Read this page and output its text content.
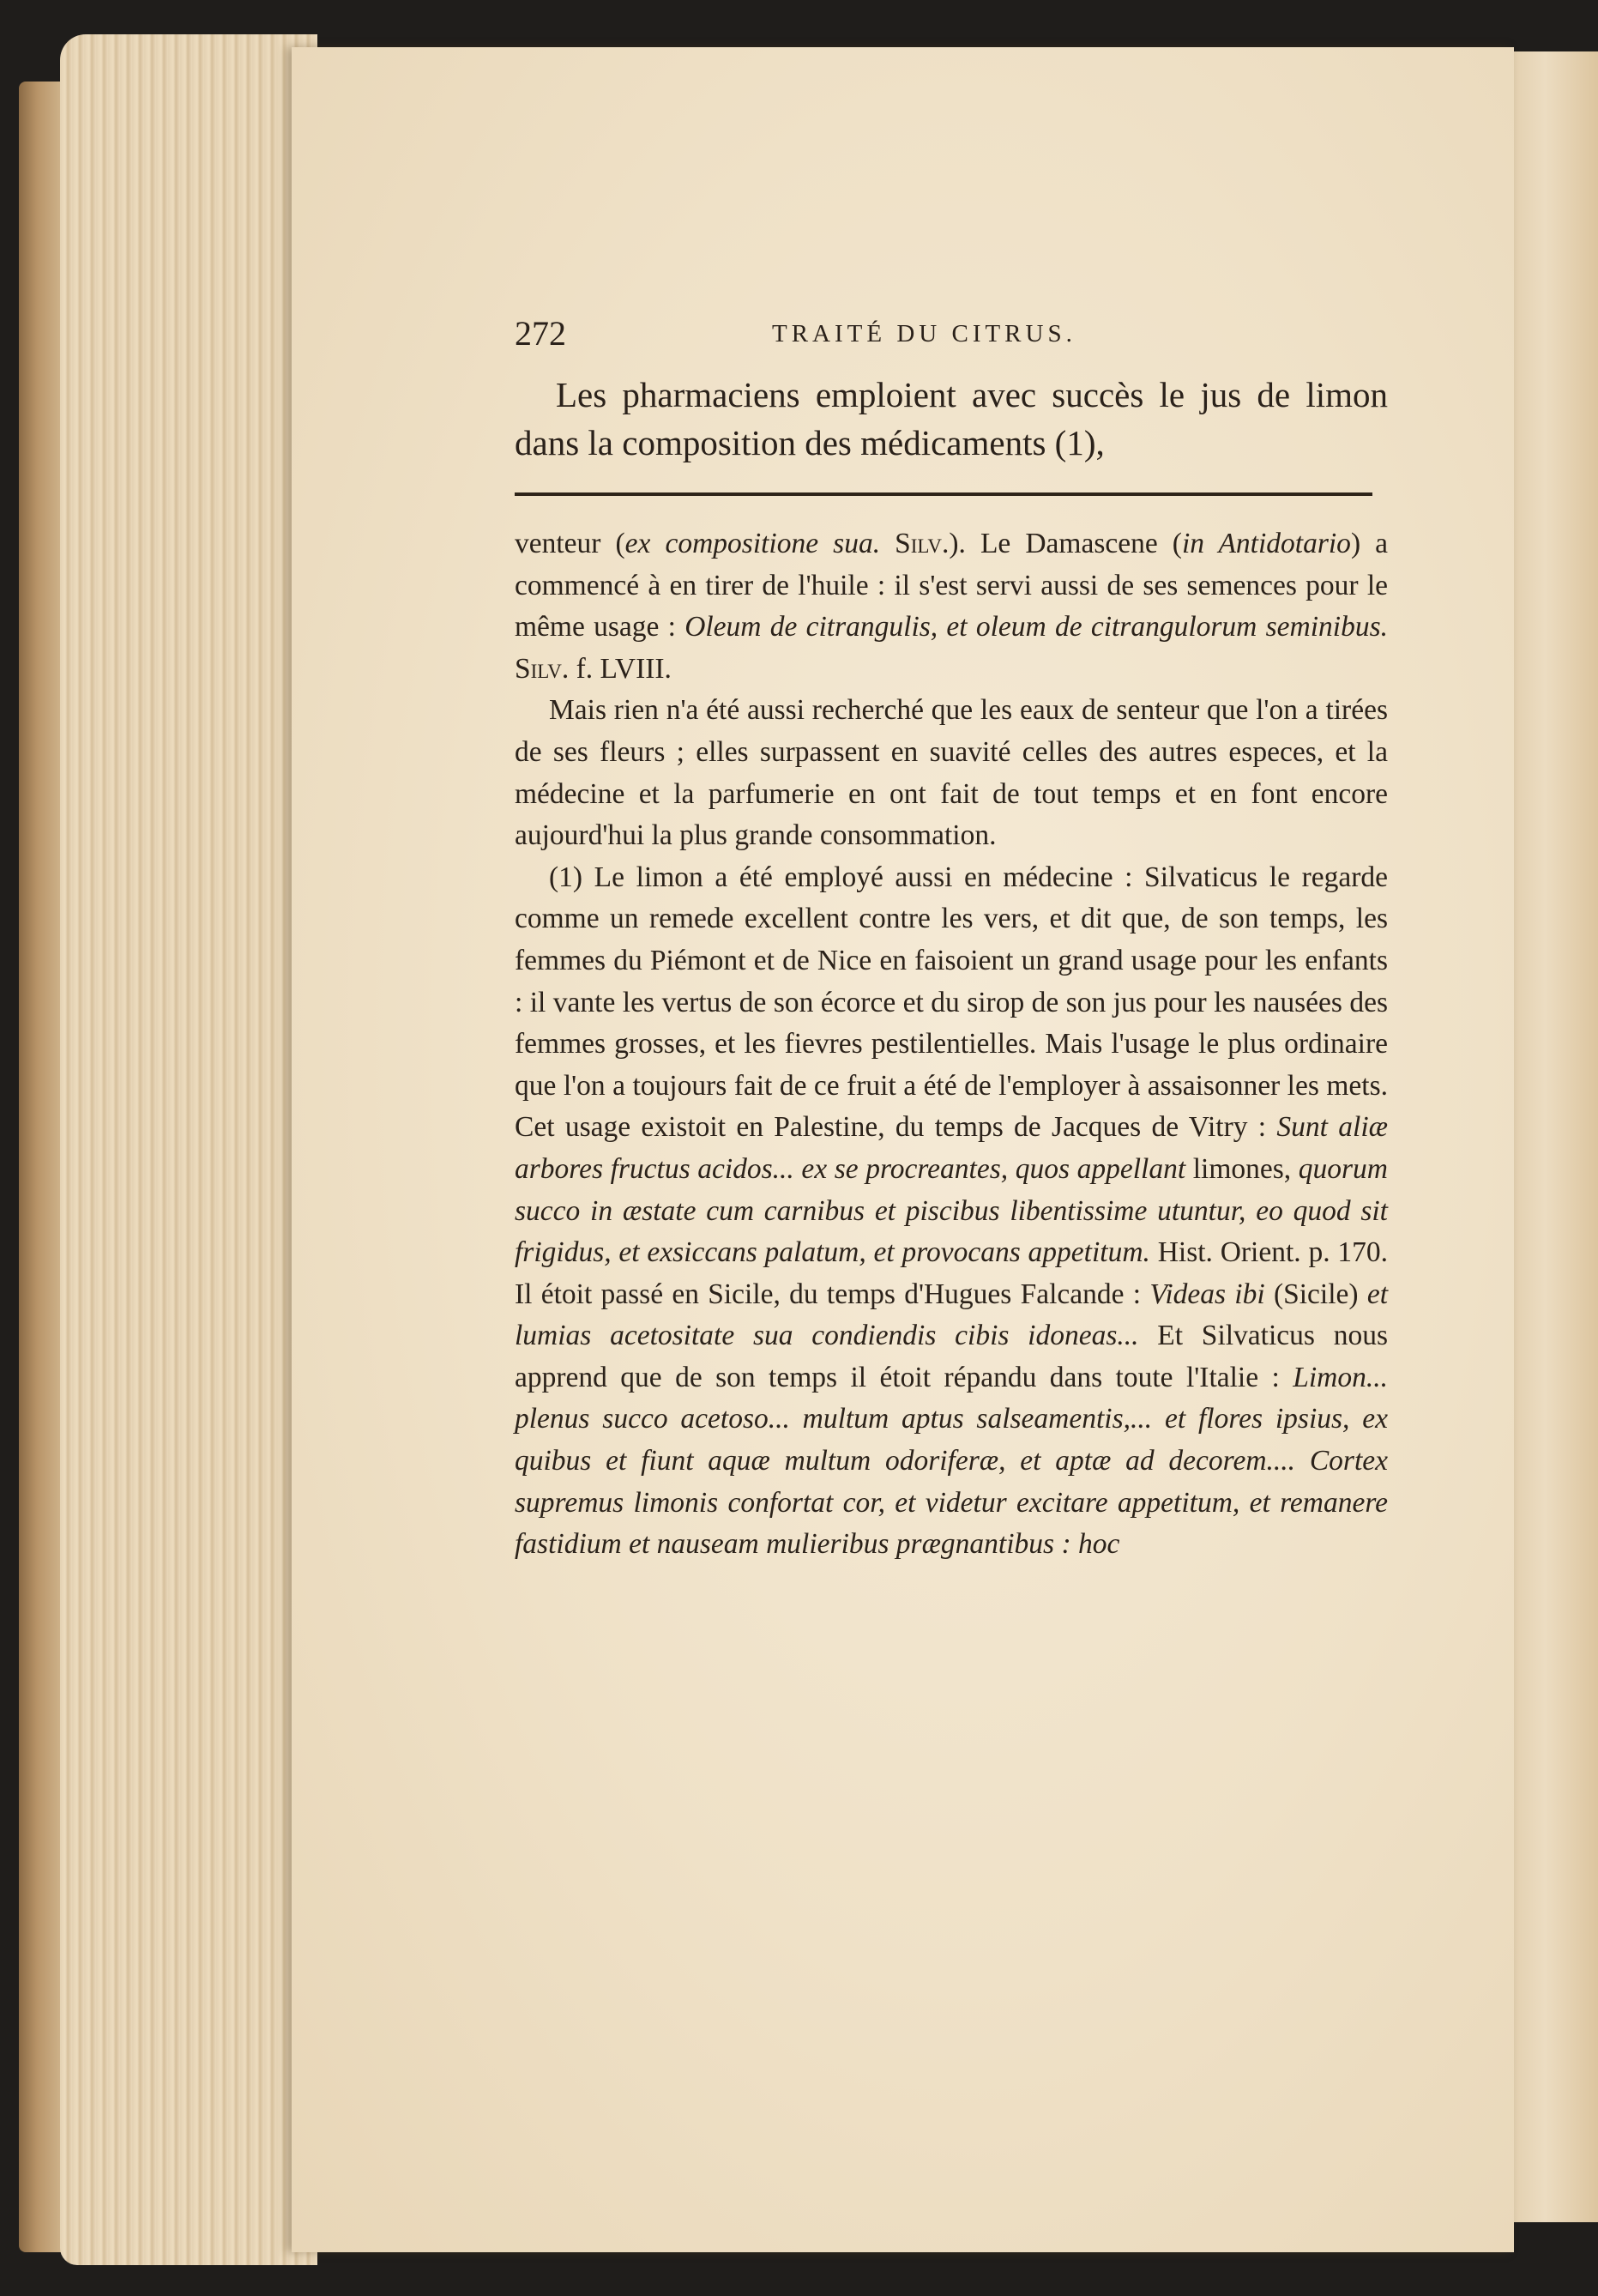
272	TRAITÉ DU CITRUS.
Les pharmaciens emploient avec succès le jus de limon dans la composition des médicaments (1),

venteur (ex compositione sua. Silv.). Le Damascene (in Antidotario) a commencé à en tirer de l'huile : il s'est servi aussi de ses semences pour le même usage : Oleum de citrangulis, et oleum de citrangulorum seminibus. Silv. f. LVIII.

Mais rien n'a été aussi recherché que les eaux de senteur que l'on a tirées de ses fleurs ; elles surpassent en suavité celles des autres especes, et la médecine et la parfumerie en ont fait de tout temps et en font encore aujourd'hui la plus grande consommation.

(1) Le limon a été employé aussi en médecine : Silvaticus le regarde comme un remede excellent contre les vers, et dit que, de son temps, les femmes du Piémont et de Nice en faisoient un grand usage pour les enfants : il vante les vertus de son écorce et du sirop de son jus pour les nausées des femmes grosses, et les fievres pestilentielles. Mais l'usage le plus ordinaire que l'on a toujours fait de ce fruit a été de l'employer à assaisonner les mets. Cet usage existoit en Palestine, du temps de Jacques de Vitry : Sunt aliæ arbores fructus acidos... ex se procreantes, quos appellant limones, quorum succo in æstate cum carnibus et piscibus libentissime utuntur, eo quod sit frigidus, et exsiccans palatum, et provocans appetitum. Hist. Orient. p. 170. Il étoit passé en Sicile, du temps d'Hugues Falcande : Videas ibi (Sicile) et lumias acetositate sua condiendis cibis idoneas... Et Silvaticus nous apprend que de son temps il étoit répandu dans toute l'Italie : Limon... plenus succo acetoso... multum aptus salseamentis,... et flores ipsius, ex quibus et fiunt aquæ multum odoriferæ, et aptæ ad decorem.... Cortex supremus limonis confortat cor, et videtur excitare appetitum, et remanere fastidium et nauseam mulieribus prægnantibus : hoc
